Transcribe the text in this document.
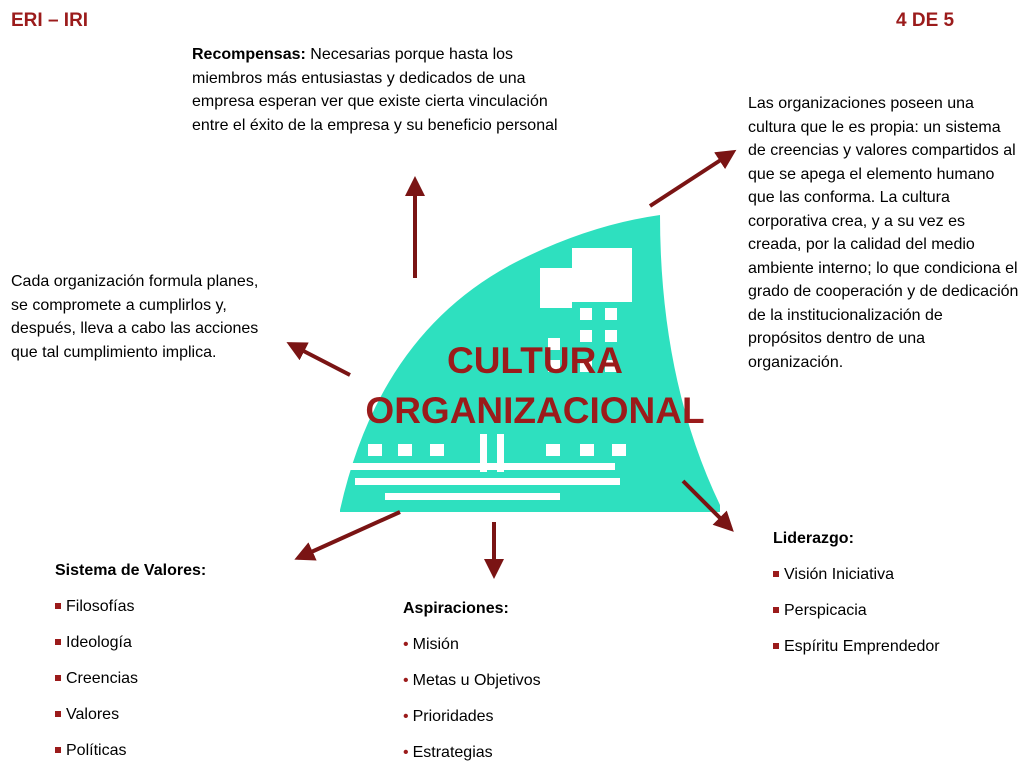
ERI – IRI	4 DE 5
Recompensas: Necesarias porque hasta los miembros más entusiastas y dedicados de una empresa esperan ver que existe cierta vinculación entre el éxito de la empresa y su beneficio personal
Las organizaciones poseen una cultura que le es propia: un sistema de creencias y valores compartidos al que se apega el elemento humano que las conforma. La cultura corporativa crea, y a su vez es creada, por la calidad del medio ambiente interno; lo que condiciona el grado de cooperación y de dedicación de la institucionalización de propósitos dentro de una organización.
Cada organización formula planes, se compromete a cumplirlos y, después, lleva a cabo las acciones que tal cumplimiento implica.	CULTURA
ORGANIZACIONAL
Sistema de Valores:
Filosofías
Ideología
Creencias
Valores
Políticas
Aspiraciones:
• Misión
• Metas u Objetivos
• Prioridades
• Estrategias
Liderazgo:
Visión Iniciativa
Perspicacia
Espíritu Emprendedor
